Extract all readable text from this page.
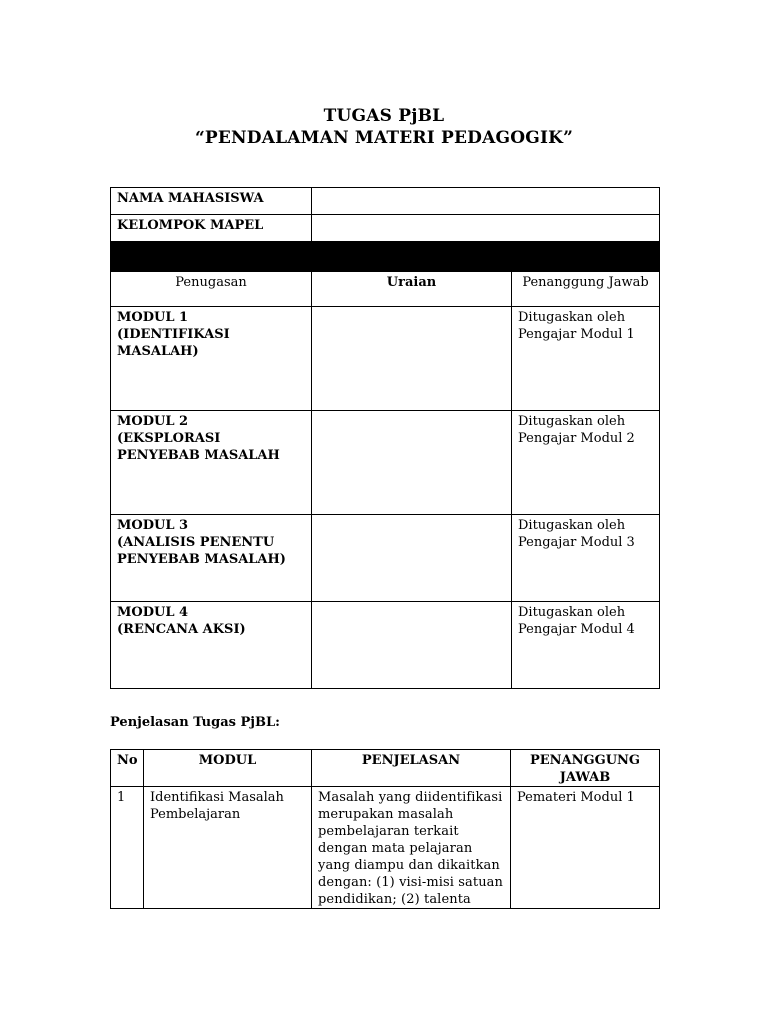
TUGAS PjBL
“PENDALAMAN MATERI PEDAGOGIK”
NAMA MAHASISWA		
KELOMPOK MAPEL		

Penugasan	Uraian	Penanggung Jawab

MODUL 1
(IDENTIFIKASI MASALAH)		Ditugaskan oleh Pengajar Modul 1

MODUL 2
(EKSPLORASI PENYEBAB MASALAH		Ditugaskan oleh Pengajar Modul 2

MODUL 3
(ANALISIS PENENTU PENYEBAB MASALAH)		Ditugaskan oleh Pengajar Modul 3

MODUL 4
(RENCANA AKSI)		Ditugaskan oleh Pengajar Modul 4
Penjelasan Tugas PjBL:
No	MODUL	PENJELASAN	PENANGGUNG JAWAB
1	Identifikasi Masalah Pembelajaran	Masalah yang diidentifikasi merupakan masalah pembelajaran terkait dengan mata pelajaran yang diampu dan dikaitkan dengan: (1) visi-misi satuan pendidikan; (2) talenta	Pemateri Modul 1
